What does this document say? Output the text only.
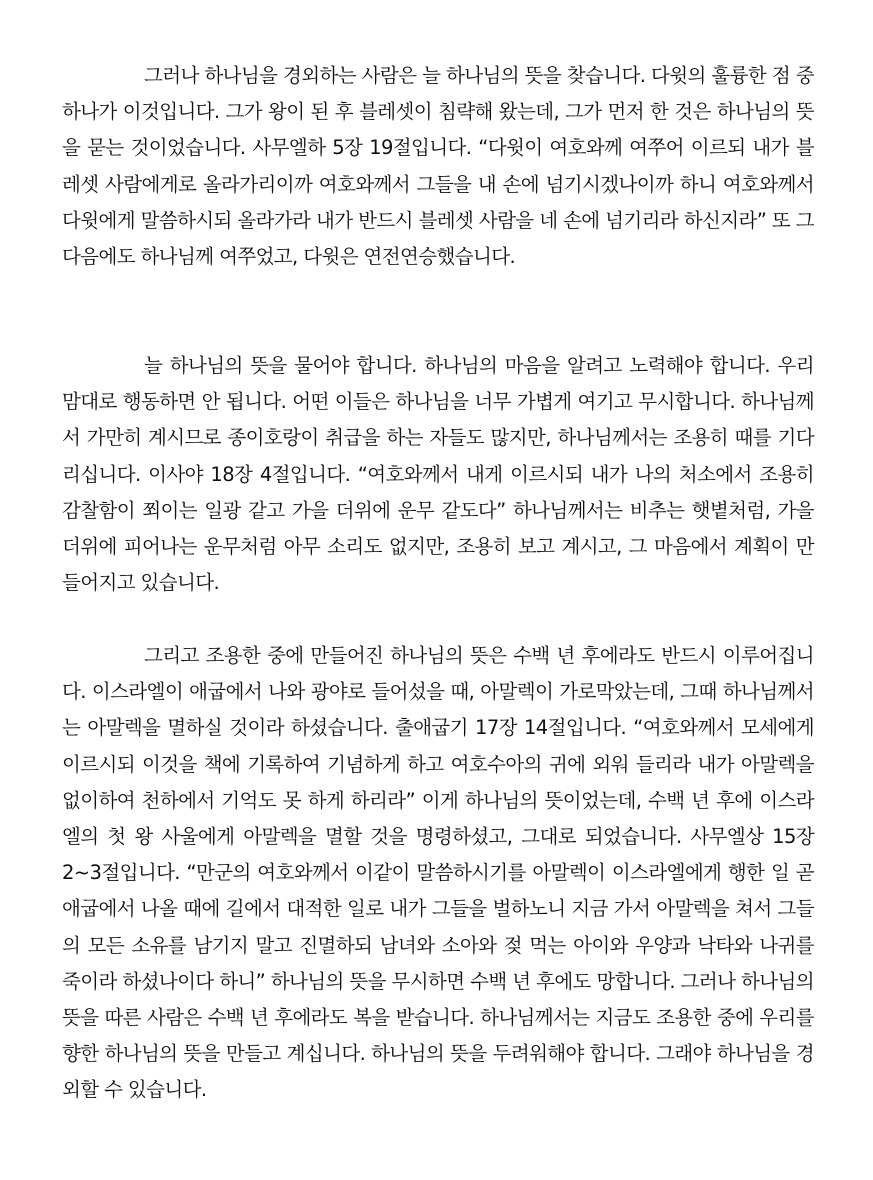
그러나 하나님을 경외하는 사람은 늘 하나님의 뜻을 찾습니다. 다윗의 훌륭한 점 중 하나가 이것입니다. 그가 왕이 된 후 블레셋이 침략해 왔는데, 그가 먼저 한 것은 하나님의 뜻을 묻는 것이었습니다. 사무엘하 5장 19절입니다. “다윗이 여호와께 여쭈어 이르되 내가 블레셋 사람에게로 올라가리이까 여호와께서 그들을 내 손에 넘기시겠나이까 하니 여호와께서 다윗에게 말씀하시되 올라가라 내가 반드시 블레셋 사람을 네 손에 넘기리라 하신지라” 또 그다음에도 하나님께 여쭈었고, 다윗은 연전연승했습니다.

늘 하나님의 뜻을 물어야 합니다. 하나님의 마음을 알려고 노력해야 합니다. 우리 맘대로 행동하면 안 됩니다. 어떤 이들은 하나님을 너무 가볍게 여기고 무시합니다. 하나님께서 가만히 계시므로 종이호랑이 취급을 하는 자들도 많지만, 하나님께서는 조용히 때를 기다리십니다. 이사야 18장 4절입니다. “여호와께서 내게 이르시되 내가 나의 처소에서 조용히 감찰함이 쬐이는 일광 같고 가을 더위에 운무 같도다” 하나님께서는 비추는 햇볕처럼, 가을 더위에 피어나는 운무처럼 아무 소리도 없지만, 조용히 보고 계시고, 그 마음에서 계획이 만들어지고 있습니다.

그리고 조용한 중에 만들어진 하나님의 뜻은 수백 년 후에라도 반드시 이루어집니다. 이스라엘이 애굽에서 나와 광야로 들어섰을 때, 아말렉이 가로막았는데, 그때 하나님께서는 아말렉을 멸하실 것이라 하셨습니다. 출애굽기 17장 14절입니다. “여호와께서 모세에게 이르시되 이것을 책에 기록하여 기념하게 하고 여호수아의 귀에 외워 들리라 내가 아말렉을 없이하여 천하에서 기억도 못 하게 하리라” 이게 하나님의 뜻이었는데, 수백 년 후에 이스라엘의 첫 왕 사울에게 아말렉을 멸할 것을 명령하셨고, 그대로 되었습니다. 사무엘상 15장 2~3절입니다. “만군의 여호와께서 이같이 말씀하시기를 아말렉이 이스라엘에게 행한 일 곧 애굽에서 나올 때에 길에서 대적한 일로 내가 그들을 벌하노니 지금 가서 아말렉을 쳐서 그들의 모든 소유를 남기지 말고 진멸하되 남녀와 소아와 젖 먹는 아이와 우양과 낙타와 나귀를 죽이라 하셨나이다 하니” 하나님의 뜻을 무시하면 수백 년 후에도 망합니다. 그러나 하나님의 뜻을 따른 사람은 수백 년 후에라도 복을 받습니다. 하나님께서는 지금도 조용한 중에 우리를 향한 하나님의 뜻을 만들고 계십니다. 하나님의 뜻을 두려워해야 합니다. 그래야 하나님을 경외할 수 있습니다.
